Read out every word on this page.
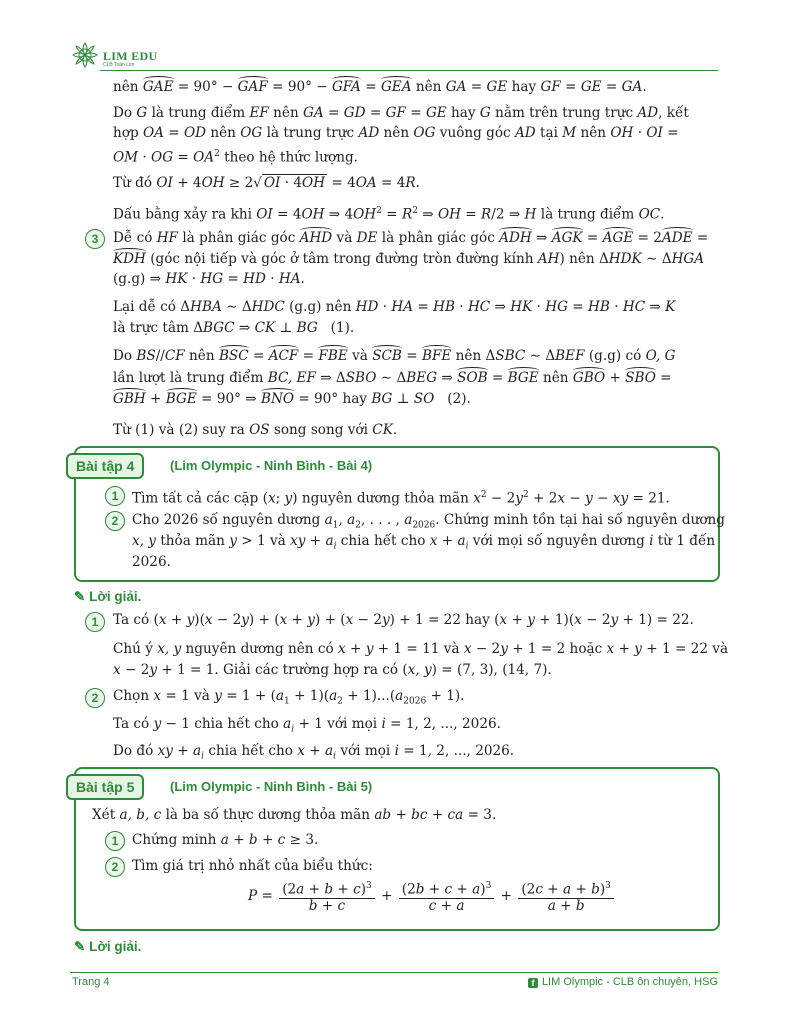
LIM EDU
CLB Toán Lim
nên GAE = 90° − GAF = 90° − GFA = GEA nên GA = GE hay GF = GE = GA.
Do G là trung điểm EF nên GA = GD = GF = GE hay G nằm trên trung trực AD, kết
hợp OA = OD nên OG là trung trực AD nên OG vuông góc AD tại M nên OH · OI =
OM · OG = $OA^2$ theo hệ thức lượng.
Từ đó OI + 4OH ≥ 2√ OI · 4OH = 4OA = 4R.
Dấu bằng xảy ra khi OI = 4OH ⇒ $4OH^2 = R^2$ ⇒ OH = R/2 ⇒ H là trung điểm OC.
3	Dễ có HF là phân giác góc AHD và DE là phân giác góc ADH ⇒ AGK = AGE = 2ADE =
KDH (góc nội tiếp và góc ở tâm trong đường tròn đường kính AH) nên ΔHDK ∼ ΔHGA
(g.g) ⇒ HK · HG = HD · HA.
Lại dễ có ΔHBA ∼ ΔHDC (g.g) nên HD · HA = HB · HC ⇒ HK · HG = HB · HC ⇒ K
là trực tâm ΔBGC ⇒ CK ⊥ BG   (1).
Do BS//CF nên BSC = ACF = FBE và SCB = BFE nên ΔSBC ∼ ΔBEF (g.g) có O, G
lần lượt là trung điểm BC, EF ⇒ ΔSBO ∼ ΔBEG ⇒ SOB = BGE nên GBO + SBO =
GBH + BGE = 90° ⇒ BNO = 90° hay BG ⊥ SO   (2).
Từ (1) và (2) suy ra OS song song với CK.
Bài tập 4	(Lim Olympic - Ninh Bình - Bài 4)
1	Tìm tất cả các cặp (x; y) nguyên dương thỏa mãn $x^2 - 2y^2 + 2x - y$ − xy = 21.
2	Cho 2026 số nguyên dương $a_1$, $a_2$, . . . , $a_{2026}$. Chứng minh tồn tại hai số nguyên dương
x, y thỏa mãn y > 1 và xy + $a_i$ chia hết cho $x + a_i$ với mọi số nguyên dương i từ 1 đến
2026.
✎ Lời giải.
1	Ta có (x + y)(x − 2y) + (x + y) + (x − 2y) + 1 = 22 hay (x + y + 1)(x − 2y + 1) = 22.
Chú ý x, y nguyên dương nên có x + y + 1 = 11 và x − 2y + 1 = 2 hoặc x + y + 1 = 22 và
x − 2y + 1 = 1. Giải các trường hợp ra có (x, y) = (7, 3), (14, 7).
2	Chọn x = 1 và $y = 1 + (a_1 + 1)(a_2 + 1)...(a_{2026} + 1)$.
Ta có y − 1 chia hết cho $a_i + 1$ với mọi i = 1, 2, ..., 2026.
Do đó xy + $a_i$ chia hết cho $x + a_i$ với mọi i = 1, 2, ..., 2026.
Bài tập 5	(Lim Olympic - Ninh Bình - Bài 5)
Xét a, b, c là ba số thực dương thỏa mãn ab + bc + ca = 3.
1	Chứng minh a + b + c ≥ 3.
2	Tìm giá trị nhỏ nhất của biểu thức:
$P = \frac{(2a + b + c)^3}{b + c} + \frac{(2b + c + a)^3}{c + a} + \frac{(2c + a + b)^3}{a + b}$
✎ Lời giải.
Trang 4	f LIM Olympic - CLB ôn chuyên, HSG
